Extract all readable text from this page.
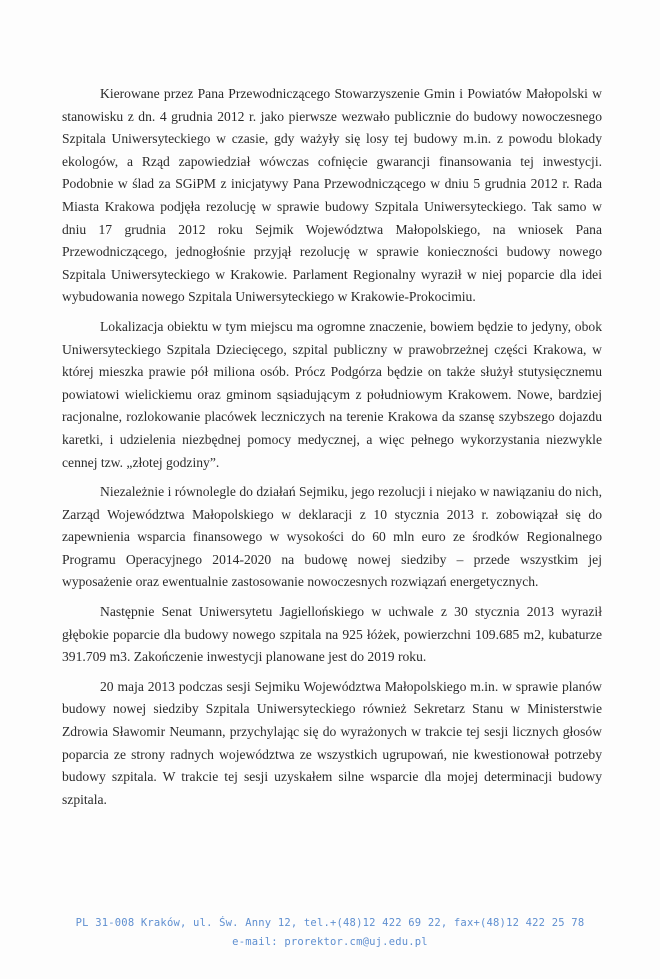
Kierowane przez Pana Przewodniczącego Stowarzyszenie Gmin i Powiatów Małopolski w stanowisku z dn. 4 grudnia 2012 r. jako pierwsze wezwało publicznie do budowy nowoczesnego Szpitala Uniwersyteckiego w czasie, gdy ważyły się losy tej budowy m.in. z powodu blokady ekologów, a Rząd zapowiedział wówczas cofnięcie gwarancji finansowania tej inwestycji. Podobnie w ślad za SGiPM z inicjatywy Pana Przewodniczącego w dniu 5 grudnia 2012 r. Rada Miasta Krakowa podjęła rezolucję w sprawie budowy Szpitala Uniwersyteckiego. Tak samo w dniu 17 grudnia 2012 roku Sejmik Województwa Małopolskiego, na wniosek Pana Przewodniczącego, jednogłośnie przyjął rezolucję w sprawie konieczności budowy nowego Szpitala Uniwersyteckiego w Krakowie. Parlament Regionalny wyraził w niej poparcie dla idei wybudowania nowego Szpitala Uniwersyteckiego w Krakowie-Prokocimiu.

Lokalizacja obiektu w tym miejscu ma ogromne znaczenie, bowiem będzie to jedyny, obok Uniwersyteckiego Szpitala Dziecięcego, szpital publiczny w prawobrzeżnej części Krakowa, w której mieszka prawie pół miliona osób. Prócz Podgórza będzie on także służył stutysięcznemu powiatowi wielickiemu oraz gminom sąsiadującym z południowym Krakowem. Nowe, bardziej racjonalne, rozlokowanie placówek leczniczych na terenie Krakowa da szansę szybszego dojazdu karetki, i udzielenia niezbędnej pomocy medycznej, a więc pełnego wykorzystania niezwykle cennej tzw. „złotej godziny”.

Niezależnie i równolegle do działań Sejmiku, jego rezolucji i niejako w nawiązaniu do nich, Zarząd Województwa Małopolskiego w deklaracji z 10 stycznia 2013 r. zobowiązał się do zapewnienia wsparcia finansowego w wysokości do 60 mln euro ze środków Regionalnego Programu Operacyjnego 2014-2020 na budowę nowej siedziby – przede wszystkim jej wyposażenie oraz ewentualnie zastosowanie nowoczesnych rozwiązań energetycznych.

Następnie Senat Uniwersytetu Jagiellońskiego w uchwale z 30 stycznia 2013 wyraził głębokie poparcie dla budowy nowego szpitala na 925 łóżek, powierzchni 109.685 m2, kubaturze 391.709 m3. Zakończenie inwestycji planowane jest do 2019 roku.

20 maja 2013 podczas sesji Sejmiku Województwa Małopolskiego m.in. w sprawie planów budowy nowej siedziby Szpitala Uniwersyteckiego również Sekretarz Stanu w Ministerstwie Zdrowia Sławomir Neumann, przychylając się do wyrażonych w trakcie tej sesji licznych głosów poparcia ze strony radnych województwa ze wszystkich ugrupowań, nie kwestionował potrzeby budowy szpitala. W trakcie tej sesji uzyskałem silne wsparcie dla mojej determinacji budowy szpitala.

PL 31-008 Kraków, ul. Św. Anny 12, tel.+(48)12 422 69 22, fax+(48)12 422 25 78
e-mail: prorektor.cm@uj.edu.pl
